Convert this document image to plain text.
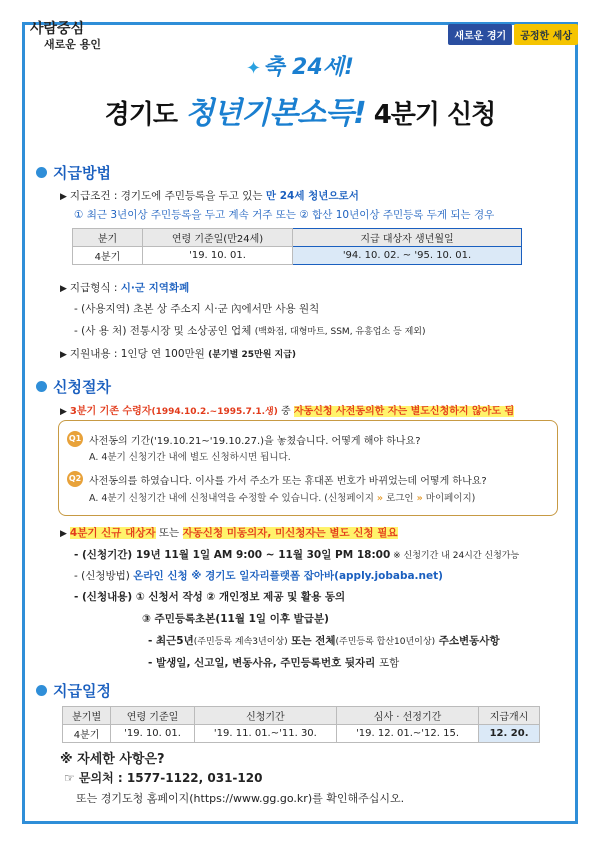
사람중심
새로운 용인
새로운 경기	공정한 세상
✦축 24세!
경기도 청년기본소득! 4분기 신청
지급방법
▶ 지급조건 : 경기도에 주민등록을 두고 있는 만 24세 청년으로서
① 최근 3년이상 주민등록을 두고 계속 거주 또는 ② 합산 10년이상 주민등록 두게 되는 경우
분기	연령 기준일(만24세)	지급 대상자 생년월일
4분기	'19. 10. 01.	'94. 10. 02. ~ '95. 10. 01.
▶ 지급형식 : 시·군 지역화폐
- (사용지역) 초본 상 주소지 시·군 內에서만 사용 원칙
- (사 용 처) 전통시장 및 소상공인 업체 (백화점, 대형마트, SSM, 유흥업소 등 제외)
▶ 지원내용 : 1인당 연 100만원 (분기별 25만원 지급)
신청절차
▶ 3분기 기존 수령자(1994.10.2.~1995.7.1.생) 중 자동신청 사전동의한 자는 별도신청하지 않아도 됨
Q1 사전동의 기간('19.10.21~'19.10.27.)을 놓쳤습니다. 어떻게 해야 하나요?
A. 4분기 신청기간 내에 별도 신청하시면 됩니다.
Q2 사전동의를 하였습니다. 이사를 가서 주소가 또는 휴대폰 번호가 바뀌었는데 어떻게 하나요?
A. 4분기 신청기간 내에 신청내역을 수정할 수 있습니다. (신청페이지 » 로그인 » 마이페이지)
▶ 4분기 신규 대상자 또는 자동신청 미동의자, 미신청자는 별도 신청 필요
- (신청기간) 19년 11월 1일 AM 9:00 ~ 11월 30일 PM 18:00 ※ 신청기간 내 24시간 신청가능
- (신청방법) 온라인 신청 ※ 경기도 일자리플랫폼 잡아바(apply.jobaba.net)
- (신청내용) ① 신청서 작성 ② 개인정보 제공 및 활용 동의
③ 주민등록초본(11월 1일 이후 발급분)
- 최근5년(주민등록 계속3년이상) 또는 전체(주민등록 합산10년이상) 주소변동사항
- 발생일, 신고일, 변동사유, 주민등록번호 뒷자리 포함
지급일정
분기별	연령 기준일	신청기간	심사 · 선정기간	지급개시
4분기	'19. 10. 01.	'19. 11. 01.~'11. 30.	'19. 12. 01.~'12. 15.	12. 20.
※ 자세한 사항은?
☞ 문의처 : 1577-1122, 031-120
또는 경기도청 홈페이지(https://www.gg.go.kr)를 확인해주십시오.
